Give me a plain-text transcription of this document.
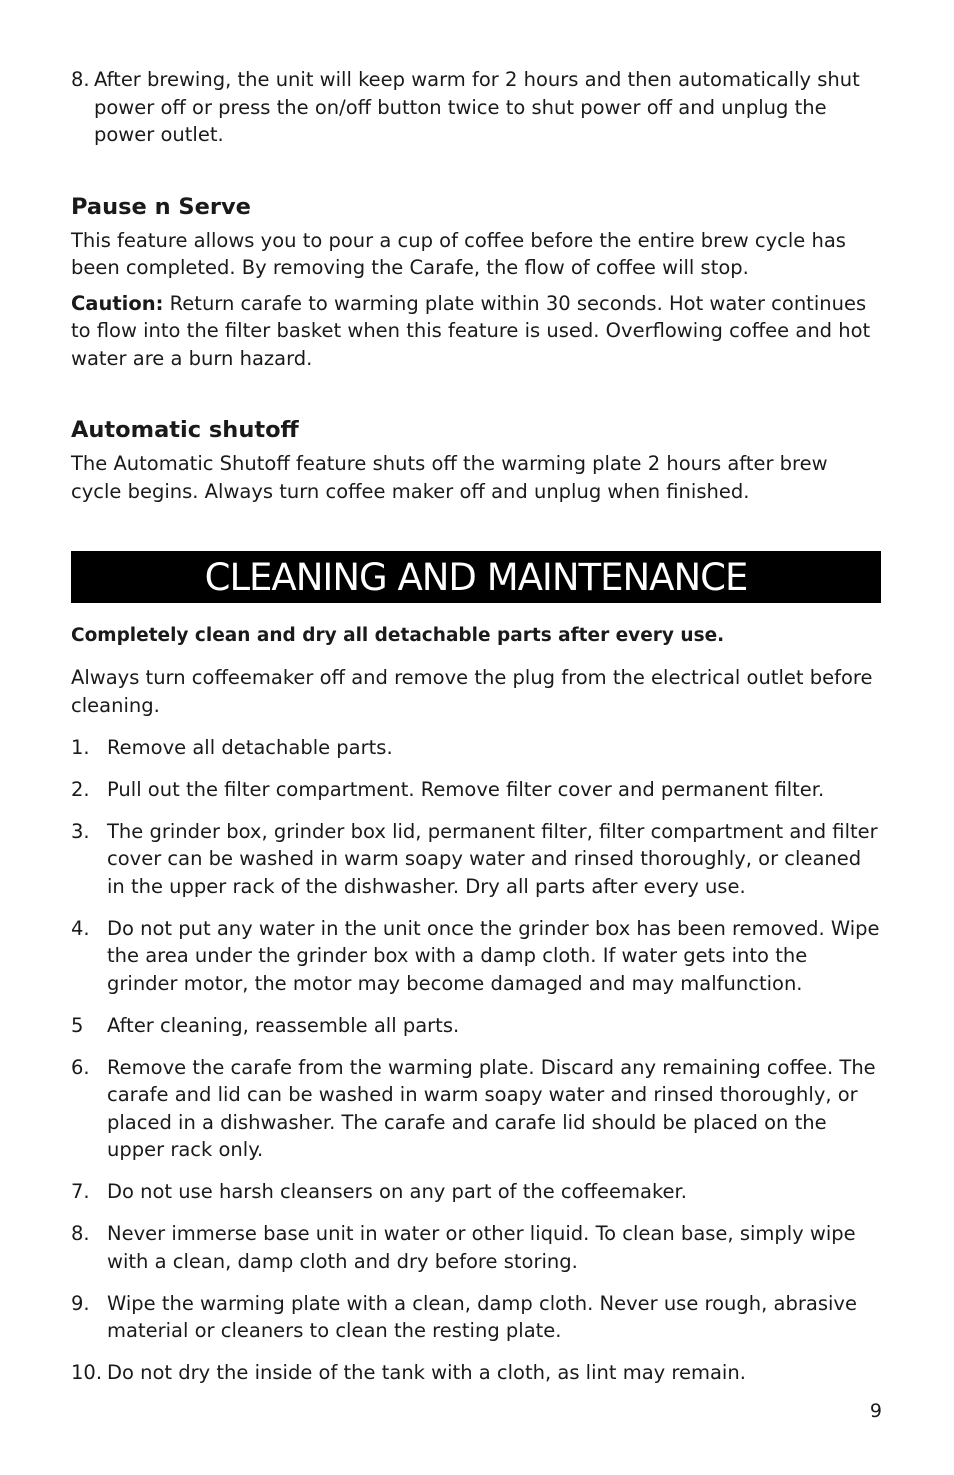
8. After brewing, the unit will keep warm for 2 hours and then automatically shut power off or press the on/off button twice to shut power off and unplug the power outlet.
Pause n Serve

This feature allows you to pour a cup of coffee before the entire brew cycle has been completed. By removing the Carafe, the flow of coffee will stop.

Caution: Return carafe to warming plate within 30 seconds. Hot water continues to flow into the filter basket when this feature is used. Overflowing coffee and hot water are a burn hazard.

Automatic shutoff

The Automatic Shutoff feature shuts off the warming plate 2 hours after brew cycle begins. Always turn coffee maker off and unplug when finished.

CLEANING AND MAINTENANCE

Completely clean and dry all detachable parts after every use.

Always turn coffeemaker off and remove the plug from the electrical outlet before cleaning.

1. Remove all detachable parts.
2. Pull out the filter compartment. Remove filter cover and permanent filter.
3. The grinder box, grinder box lid, permanent filter, filter compartment and filter cover can be washed in warm soapy water and rinsed thoroughly, or cleaned in the upper rack of the dishwasher. Dry all parts after every use.
4. Do not put any water in the unit once the grinder box has been removed. Wipe the area under the grinder box with a damp cloth. If water gets into the grinder motor, the motor may become damaged and may malfunction.
5	After cleaning, reassemble all parts.
6. Remove the carafe from the warming plate. Discard any remaining coffee. The carafe and lid can be washed in warm soapy water and rinsed thoroughly, or placed in a dishwasher. The carafe and carafe lid should be placed on the upper rack only.
7. Do not use harsh cleansers on any part of the coffeemaker.
8. Never immerse base unit in water or other liquid. To clean base, simply wipe with a clean, damp cloth and dry before storing.
9. Wipe the warming plate with a clean, damp cloth. Never use rough, abrasive material or cleaners to clean the resting plate.
10. Do not dry the inside of the tank with a cloth, as lint may remain.
9
